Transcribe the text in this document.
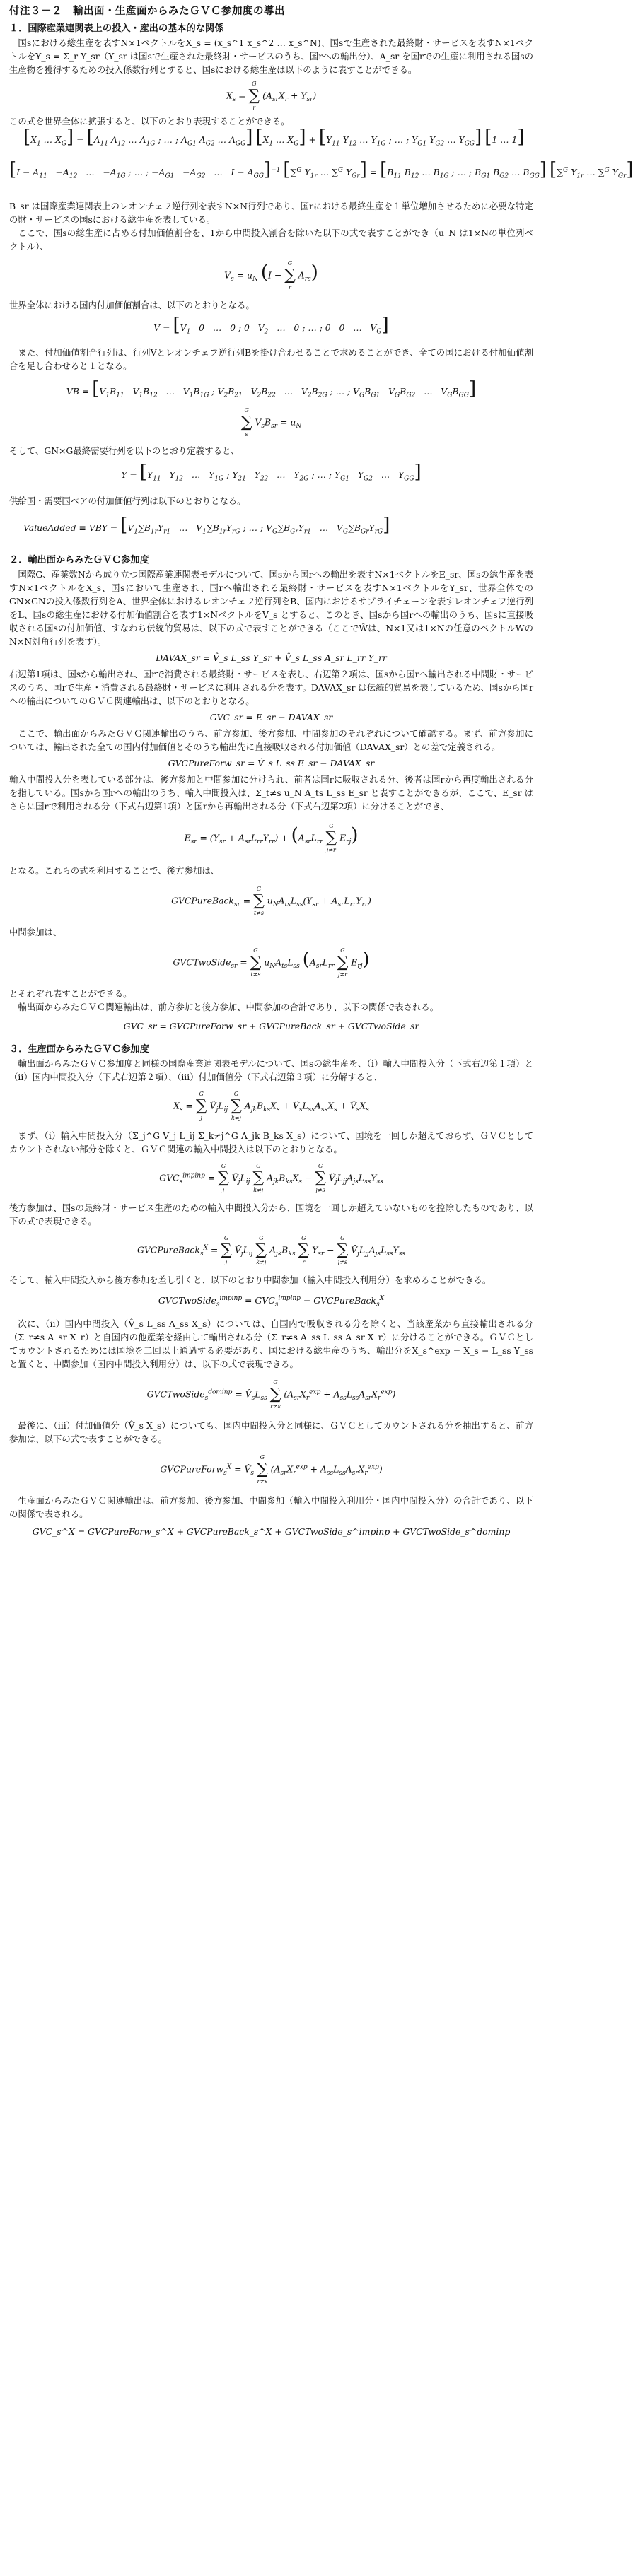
付注３－２　輸出面・生産面からみたＧＶＣ参加度の導出
１．国際産業連関表上の投入・産出の基本的な関係

国sにおける総生産を表すN×1ベクトルをX_s = (x_s^1 x_s^2 … x_s^N)、国sで生産された最終財・サービスを表すN×1ベクトルをY_s = Σ_r Y_sr（Y_sr は国sで生産された最終財・サービスのうち、国rへの輸出分）、A_sr を国rでの生産に利用される国sの生産物を獲得するための投入係数行列とすると、国sにおける総生産は以下のように表すことができる。

$X_s$ =
G
∑
r
$(A_{sr}X_r + Y_{sr})$

この式を世界全体に拡張すると、以下のとおり表現することができる。

[$X_1$ … $X_G] = [A_{11}$ $A_{12}$ … $A_{1G}$ ; … ; $A_{G1}$ $A_{G2}$ … $A_{GG}$] [$X_1$ … $X_G] + [Y_{11}$ $Y_{12}$ … $Y_{1G}$ ; … ; $Y_{G1}$ $Y_{G2}$ … $Y_{GG}$] [1 … 1]
[$I - A_{11} -A_{12}$   …   $-A_{1G}$ ; … ; $-A_{G1} -A_{G2}$   …   $I - A_{GG}]^{-1}$ [∑$^G$ $Y_{1r}$ … ∑$^G$ $Y_{Gr}] = [B_{11}$ $B_{12}$ … $B_{1G}$ ; … ; $B_{G1}$ $B_{G2}$ … $B_{GG}$] [∑$^G$ $Y_{1r}$ … ∑$^G$ $Y_{Gr}$]

B_sr は国際産業連関表上のレオンチェフ逆行列を表すN×N行列であり、国rにおける最終生産を１単位増加させるために必要な特定の財・サービスの国sにおける総生産を表している。

ここで、国sの総生産に占める付加価値割合を、1から中間投入割合を除いた以下の式で表すことができ（u_N は1×Nの単位列ベクトル）、

$V_s = u_N$ (I −
G
∑
r
$A_{rs}$)

世界全体における国内付加価値割合は、以下のとおりとなる。

$V = [V_1$   0   …   0 ; 0   $V_2$   …   0 ; … ; 0   0   …   $V_G$]

また、付加価値割合行列は、行列Vとレオンチェフ逆行列Bを掛け合わせることで求めることができ、全ての国における付加価値割合を足し合わせると１となる。

VB = [$V_1B_{11}$   $V_1B_{12}$   …   $V_1B_{1G}$ ; $V_2B_{21}$   $V_2B_{22}$   …   $V_2B_{2G}$ ; … ; $V_GB_{G1}$   $V_GB_{G2}$   …   $V_GB_{GG}$]
G
∑
s
$V_sB_{sr} = u_N$

そして、GN×G最終需要行列を以下のとおり定義すると、

$Y = [Y_{11}$   $Y_{12}$   …   $Y_{1G}$ ; $Y_{21}$   $Y_{22}$   …   $Y_{2G}$ ; … ; $Y_{G1}$   $Y_{G2}$   …   $Y_{GG}$]

供給国・需要国ペアの付加価値行列は以下のとおりとなる。

ValueAdded ≡ VBY = [$V_1\sum B_{1r}Y_{r1}$   …   $V_1\sum B_{1r}Y_{rG}$ ; … ; $V_G\sum B_{Gr}Y_{r1}$   …   $V_G\sum B_{Gr}Y_{rG}$]
２．輸出面からみたＧＶＣ参加度

国際G、産業数Nから成り立つ国際産業連関表モデルについて、国sから国rへの輸出を表すN×1ベクトルをE_sr、国sの総生産を表すN×1ベクトルをX_s、国sにおいて生産され、国rへ輸出される最終財・サービスを表すN×1ベクトルをY_sr、世界全体でのGN×GNの投入係数行列をA、世界全体におけるレオンチェフ逆行列をB、国内におけるサプライチェーンを表すレオンチェフ逆行列をL、国sの総生産における付加価値割合を表す1×NベクトルをV_s とすると、このとき、国sから国rへの輸出のうち、国sに直接吸収される国sの付加価値、すなわち伝統的貿易は、以下の式で表すことができる（ここでŴは、N×1又は1×Nの任意のベクトルWのN×N対角行列を表す）。

DAVAX_sr = V̂_s L_ss Y_sr + V̂_s L_ss A_sr L_rr Y_rr

右辺第1項は、国sから輸出され、国rで消費される最終財・サービスを表し、右辺第２項は、国sから国rへ輸出される中間財・サービスのうち、国rで生産・消費される最終財・サービスに利用される分を表す。DAVAX_sr は伝統的貿易を表しているため、国sから国rへの輸出についてのＧＶＣ関連輸出は、以下のとおりとなる。

GVC_sr = E_sr − DAVAX_sr

ここで、輸出面からみたＧＶＣ関連輸出のうち、前方参加、後方参加、中間参加のそれぞれについて確認する。まず、前方参加については、輸出された全ての国内付加価値とそのうち輸出先に直接吸収される付加価値（DAVAX_sr）との差で定義される。

GVCPureForw_sr = V̂_s L_ss E_sr − DAVAX_sr

輸入中間投入分を表している部分は、後方参加と中間参加に分けられ、前者は国rに吸収される分、後者は国rから再度輸出される分を指している。国sから国rへの輸出のうち、輸入中間投入は、Σ_t≠s u_N A_ts L_ss E_sr と表すことができるが、ここで、E_sr はさらに国rで利用される分（下式右辺第1項）と国rから再輸出される分（下式右辺第2項）に分けることができ、

$E_{sr} = (Y_{sr} + A_{sr}L_{rr}Y_{rr}) + (A_{sr}L_{rr}$
G
∑
j≠r
$E_{rj}$)

となる。これらの式を利用することで、後方参加は、

GVCPureBack$_{sr}$ =
G
∑
t≠s
$u_NA_{ts}L_{ss}(Y_{sr} + A_{sr}L_{rr}Y_{rr})$

中間参加は、

GVCTwoSide$_{sr}$ =
G
∑
t≠s
$u_NA_{ts}L_{ss}$ ($A_{sr}L_{rr}$
G
∑
j≠r
$E_{rj}$)

とそれぞれ表すことができる。

輸出面からみたＧＶＣ関連輸出は、前方参加と後方参加、中間参加の合計であり、以下の関係で表される。

GVC_sr = GVCPureForw_sr + GVCPureBack_sr + GVCTwoSide_sr
３．生産面からみたＧＶＣ参加度

輸出面からみたＧＶＣ参加度と同様の国際産業連関表モデルについて、国sの総生産を、（i）輸入中間投入分（下式右辺第１項）と（ii）国内中間投入分（下式右辺第２項）、（iii）付加価値分（下式右辺第３項）に分解すると、

$X_s$ =
G
∑
j
$V̂_jL_{ij}$
G
∑
k≠j
$A_{jk}B_{ks}X_s$ + $V̂_sL_{ss}A_{ss}X_s$ + $V̂_sX_s$

まず、（i）輸入中間投入分（Σ_j^G V_j L_ij Σ_k≠j^G A_jk B_ks X_s）について、国境を一回しか超えておらず、ＧＶＣとしてカウントされない部分を除くと、ＧＶＣ関連の輸入中間投入は以下のとおりとなる。

$GVC_s^{impinp}$ =
G
∑
j
$V̂_jL_{ij}$
G
∑
k≠j
$A_{jk}B_{ks}X_s$ −
G
∑
j≠s
$V̂_jL_{jj}A_{js}L_{ss}Y_{ss}$

後方参加は、国sの最終財・サービス生産のための輸入中間投入分から、国境を一回しか超えていないものを控除したものであり、以下の式で表現できる。

GVCPureBack$_s^X$ =
G
∑
j
$V̂_jL_{ij}$
G
∑
k≠j
$A_{jk}B_{ks}$
G
∑
r
$Y_{sr}$ −
G
∑
j≠s
$V̂_jL_{jj}A_{js}L_{ss}Y_{ss}$

そして、輸入中間投入から後方参加を差し引くと、以下のとおり中間参加（輸入中間投入利用分）を求めることができる。

GVCTwoSide$_s^{impinp}$ = $GVC_s^{impinp}$ − GVCPureBack$_s^X$

次に、（ii）国内中間投入（V̂_s L_ss A_ss X_s）については、自国内で吸収される分を除くと、当該産業から直接輸出される分（Σ_r≠s A_sr X_r）と自国内の他産業を経由して輸出される分（Σ_r≠s A_ss L_ss A_sr X_r）に分けることができる。ＧＶＣとしてカウントされるためには国境を二回以上通過する必要があり、国における総生産のうち、輸出分をX_s^exp = X_s − L_ss Y_ss と置くと、中間参加（国内中間投入利用分）は、以下の式で表現できる。

GVCTwoSide$_s^{dominp}$ = $V̂_sL_{ss}$
G
∑
r≠s
$(A_{sr}X_r^{exp} + A_{ss}L_{ss}A_{sr}X_r^{exp})$

最後に、（iii）付加価値分（V̂_s X_s）についても、国内中間投入分と同様に、ＧＶＣとしてカウントされる分を抽出すると、前方参加は、以下の式で表すことができる。

GVCPureForw$_s^X$ = $V̂_s$
G
∑
r≠s
$(A_{sr}X_r^{exp} + A_{ss}L_{ss}A_{sr}X_r^{exp})$

生産面からみたＧＶＣ関連輸出は、前方参加、後方参加、中間参加（輸入中間投入利用分・国内中間投入分）の合計であり、以下の関係で表される。

GVC_s^X = GVCPureForw_s^X + GVCPureBack_s^X + GVCTwoSide_s^impinp + GVCTwoSide_s^dominp
